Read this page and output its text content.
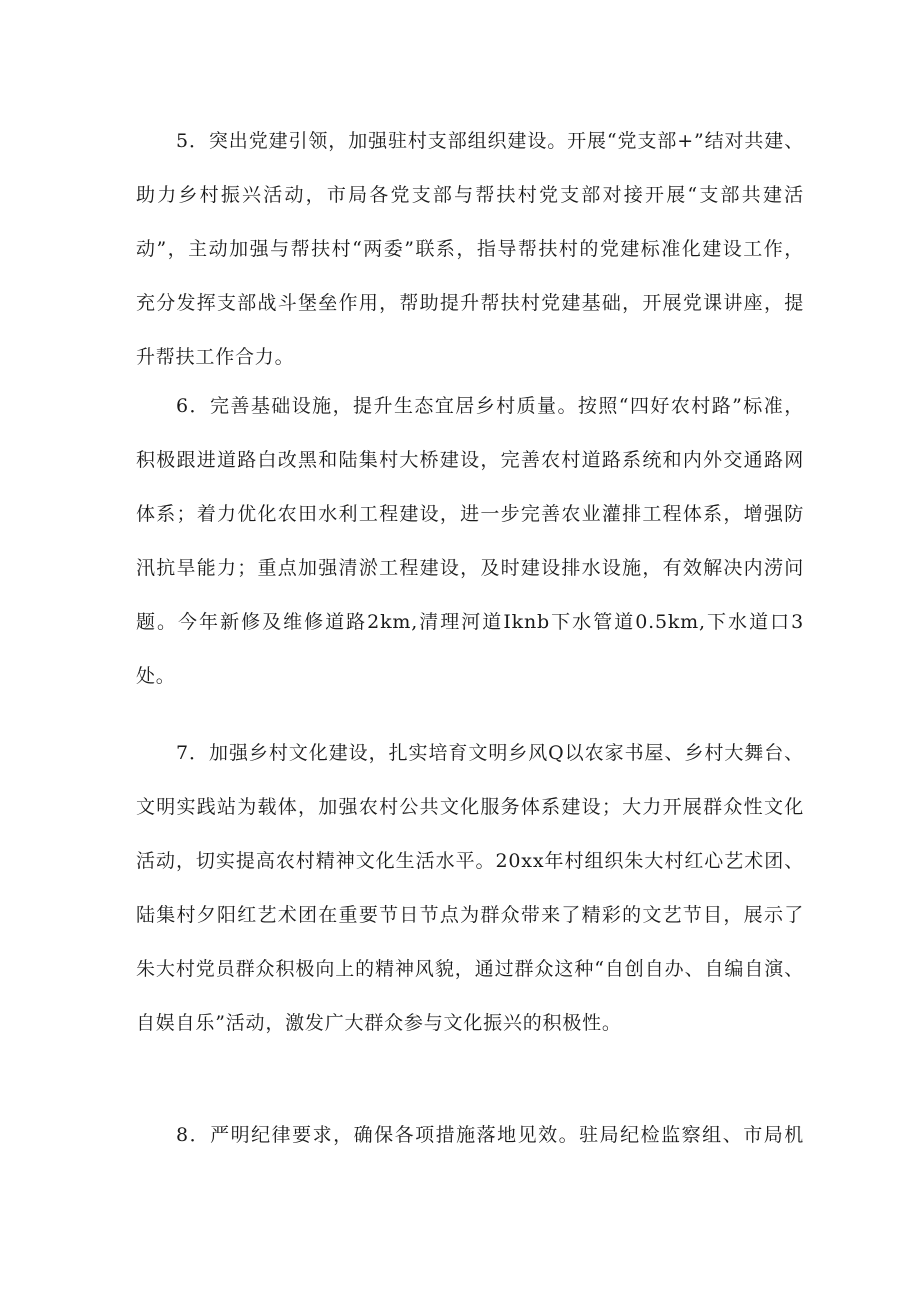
5．突出党建引领，加强驻村支部组织建设。开展“党支部+”结对共建、
助力乡村振兴活动，市局各党支部与帮扶村党支部对接开展“支部共建活
动”，主动加强与帮扶村“两委”联系，指导帮扶村的党建标准化建设工作，
充分发挥支部战斗堡垒作用，帮助提升帮扶村党建基础，开展党课讲座，提
升帮扶工作合力。
6．完善基础设施，提升生态宜居乡村质量。按照“四好农村路”标准，
积极跟进道路白改黑和陆集村大桥建设，完善农村道路系统和内外交通路网
体系；着力优化农田水利工程建设，进一步完善农业灌排工程体系，增强防
汛抗旱能力；重点加强清淤工程建设，及时建设排水设施，有效解决内涝问
题。今年新修及维修道路2km,清理河道Iknb下水管道0.5km,下水道口3
处。
7．加强乡村文化建设，扎实培育文明乡风Q以农家书屋、乡村大舞台、
文明实践站为载体，加强农村公共文化服务体系建设；大力开展群众性文化
活动，切实提高农村精神文化生活水平。20xx年村组织朱大村红心艺术团、
陆集村夕阳红艺术团在重要节日节点为群众带来了精彩的文艺节目，展示了
朱大村党员群众积极向上的精神风貌，通过群众这种“自创自办、自编自演、
自娱自乐”活动，激发广大群众参与文化振兴的积极性。
8．严明纪律要求，确保各项措施落地见效。驻局纪检监察组、市局机
